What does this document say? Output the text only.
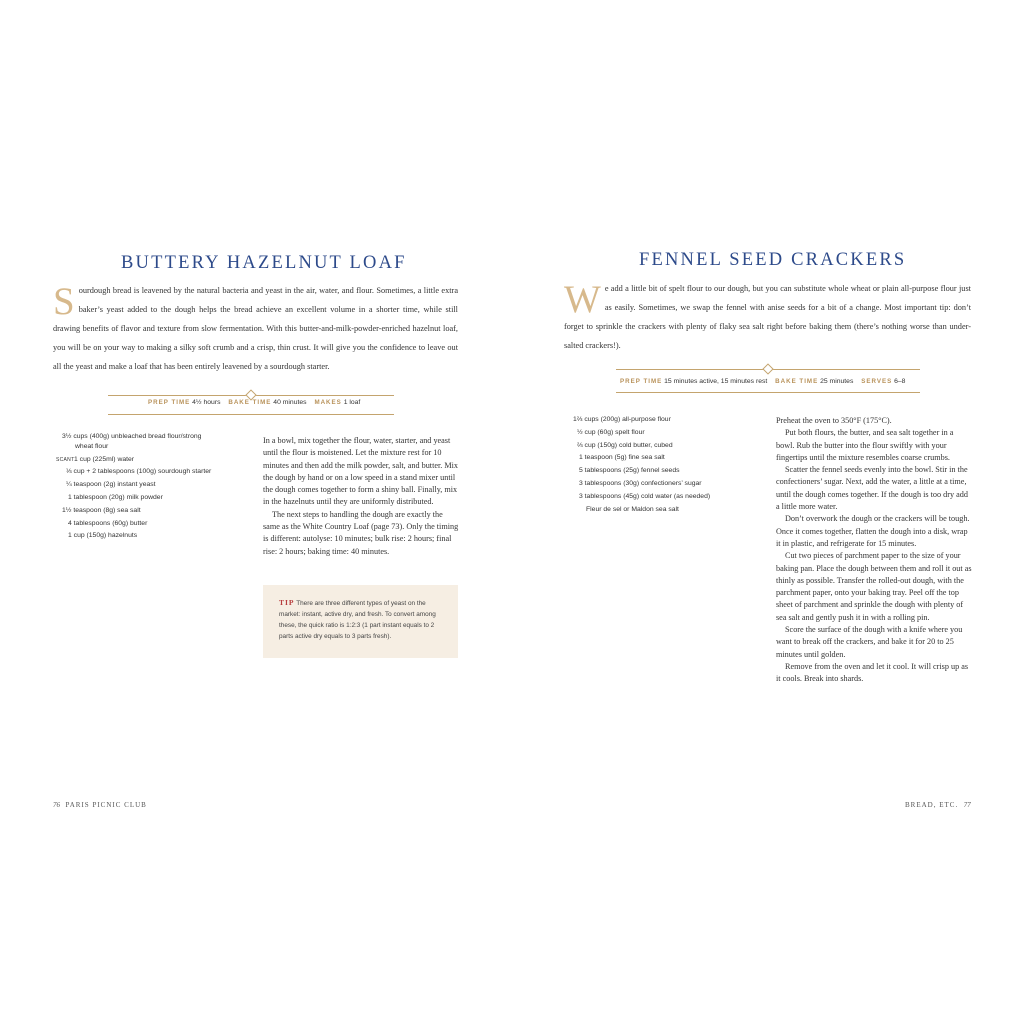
BUTTERY HAZELNUT LOAF
Sourdough bread is leavened by the natural bacteria and yeast in the air, water, and flour. Sometimes, a little extra baker’s yeast added to the dough helps the bread achieve an excellent volume in a shorter time, while still drawing benefits of flavor and texture from slow fermentation. With this butter-and-milk-powder-enriched hazelnut loaf, you will be on your way to making a silky soft crumb and a crisp, thin crust. It will give you the confidence to leave out all the yeast and make a loaf that has been entirely leavened by a sourdough starter.
PREP TIME 4½ hours BAKE TIME 40 minutes MAKES 1 loaf
3½ cups (400g) unbleached bread flour/strong
wheat flour
SCANT 1 cup (225ml) water
⅓ cup + 2 tablespoons (100g) sourdough starter
¼ teaspoon (2g) instant yeast
1 tablespoon (20g) milk powder
1½ teaspoon (8g) sea salt
4 tablespoons (60g) butter
1 cup (150g) hazelnuts

In a bowl, mix together the flour, water, starter, and yeast until the flour is moistened. Let the mixture rest for 10 minutes and then add the milk powder, salt, and butter. Mix the dough by hand or on a low speed in a stand mixer until the dough comes together to form a shiny ball. Finally, mix in the hazelnuts until they are uniformly distributed.

The next steps to handling the dough are exactly the same as the White Country Loaf (page 73). Only the timing is different: autolyse: 10 minutes; bulk rise: 2 hours; final rise: 2 hours; baking time: 40 minutes.

TIP There are three different types of yeast on the market: instant, active dry, and fresh. To convert among these, the quick ratio is 1:2:3 (1 part instant equals to 2 parts active dry equals to 3 parts fresh).
76 PARIS PICNIC CLUB
FENNEL SEED CRACKERS
We add a little bit of spelt flour to our dough, but you can substitute whole wheat or plain all-purpose flour just as easily. Sometimes, we swap the fennel with anise seeds for a bit of a change. Most important tip: don’t forget to sprinkle the crackers with plenty of flaky sea salt right before baking them (there’s nothing worse than under-salted crackers!).
PREP TIME 15 minutes active, 15 minutes rest BAKE TIME 25 minutes SERVES 6–8
1⅔ cups (200g) all-purpose flour
½ cup (60g) spelt flour
⅔ cup (150g) cold butter, cubed
1 teaspoon (5g) fine sea salt
5 tablespoons (25g) fennel seeds
3 tablespoons (30g) confectioners’ sugar
3 tablespoons (45g) cold water (as needed)
Fleur de sel or Maldon sea salt

Preheat the oven to 350°F (175°C).

Put both flours, the butter, and sea salt together in a bowl. Rub the butter into the flour swiftly with your fingertips until the mixture resembles coarse crumbs.

Scatter the fennel seeds evenly into the bowl. Stir in the confectioners’ sugar. Next, add the water, a little at a time, until the dough comes together. If the dough is too dry add a little more water.

Don’t overwork the dough or the crackers will be tough. Once it comes together, flatten the dough into a disk, wrap it in plastic, and refrigerate for 15 minutes.

Cut two pieces of parchment paper to the size of your baking pan. Place the dough between them and roll it out as thinly as possible. Transfer the rolled-out dough, with the parchment paper, onto your baking tray. Peel off the top sheet of parchment and sprinkle the dough with plenty of sea salt and gently push it in with a rolling pin.

Score the surface of the dough with a knife where you want to break off the crackers, and bake it for 20 to 25 minutes until golden.

Remove from the oven and let it cool. It will crisp up as it cools. Break into shards.

BREAD, ETC. 77
